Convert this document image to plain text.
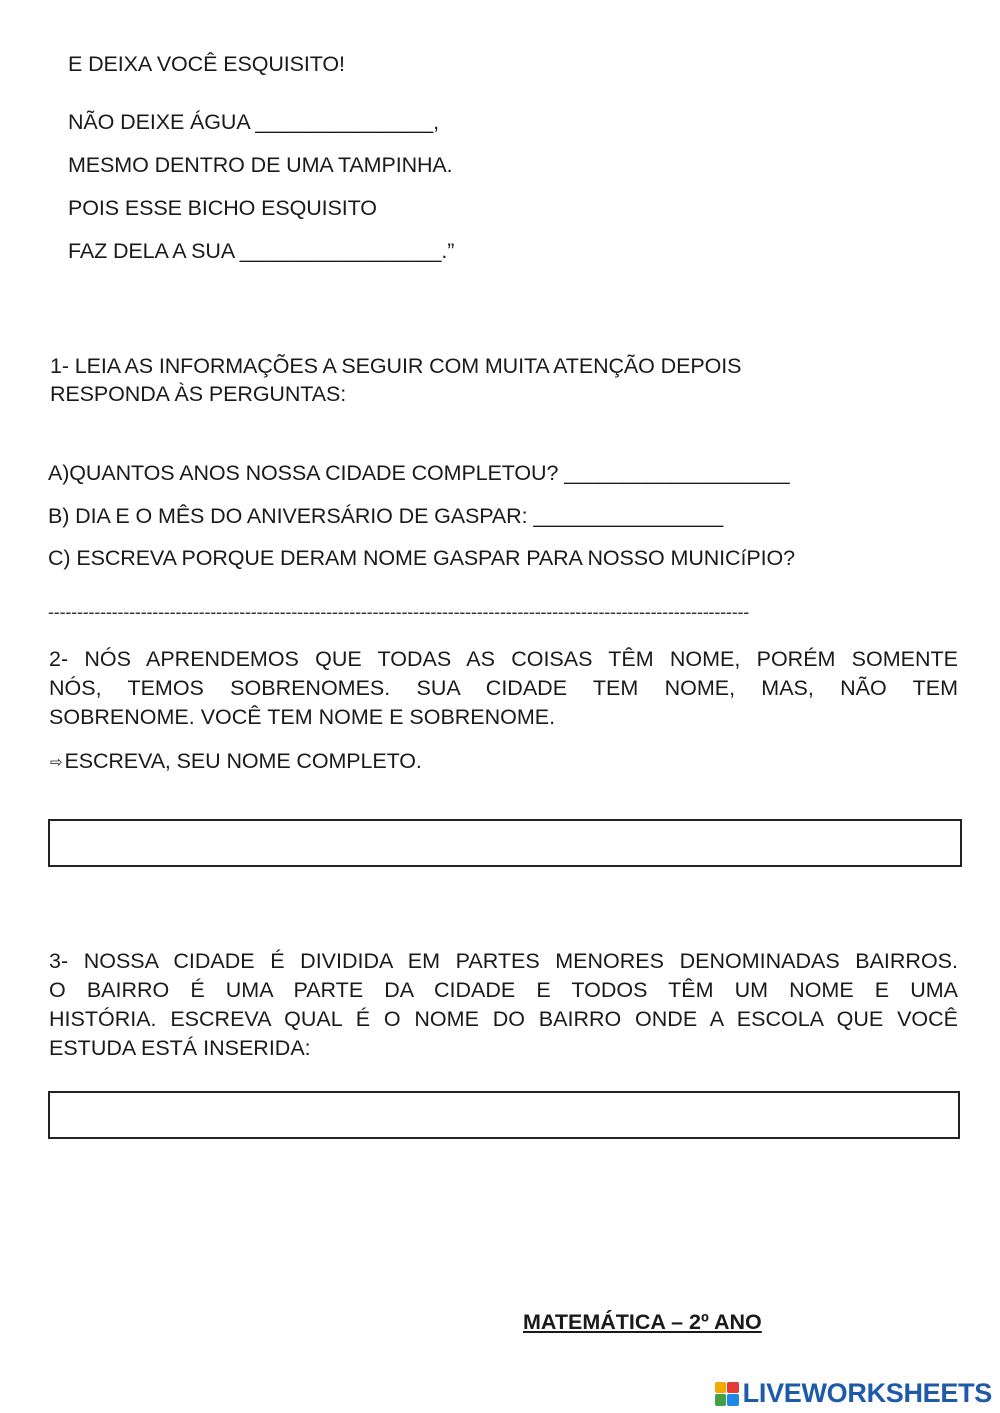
E DEIXA VOCÊ ESQUISITO!
NÃO DEIXE ÁGUA _______________,
MESMO DENTRO DE UMA TAMPINHA.
POIS ESSE BICHO ESQUISITO
FAZ DELA A SUA _________________.”
1- LEIA AS INFORMAÇÕES A SEGUIR COM MUITA ATENÇÃO DEPOIS
RESPONDA ÀS PERGUNTAS:
A)QUANTOS ANOS NOSSA CIDADE COMPLETOU? ___________________
B) DIA E O MÊS DO ANIVERSÁRIO DE GASPAR: ________________
C) ESCREVA PORQUE DERAM NOME GASPAR PARA NOSSO MUNICíPIO?
-------------------------------------------------------------------------------------------------------------------------
2- NÓS APRENDEMOS QUE TODAS AS COISAS TÊM NOME, PORÉM SOMENTE
NÓS, TEMOS SOBRENOMES. SUA CIDADE TEM NOME, MAS, NÃO TEM
SOBRENOME. VOCÊ TEM NOME E SOBRENOME.
⇨ESCREVA, SEU NOME COMPLETO.
3- NOSSA CIDADE É DIVIDIDA EM PARTES MENORES DENOMINADAS BAIRROS.
O BAIRRO É UMA PARTE DA CIDADE E TODOS TÊM UM NOME E UMA
HISTÓRIA. ESCREVA QUAL É O NOME DO BAIRRO ONDE A ESCOLA QUE VOCÊ
ESTUDA ESTÁ INSERIDA:
MATEMÁTICA – 2º ANO
LIVEWORKSHEETS
